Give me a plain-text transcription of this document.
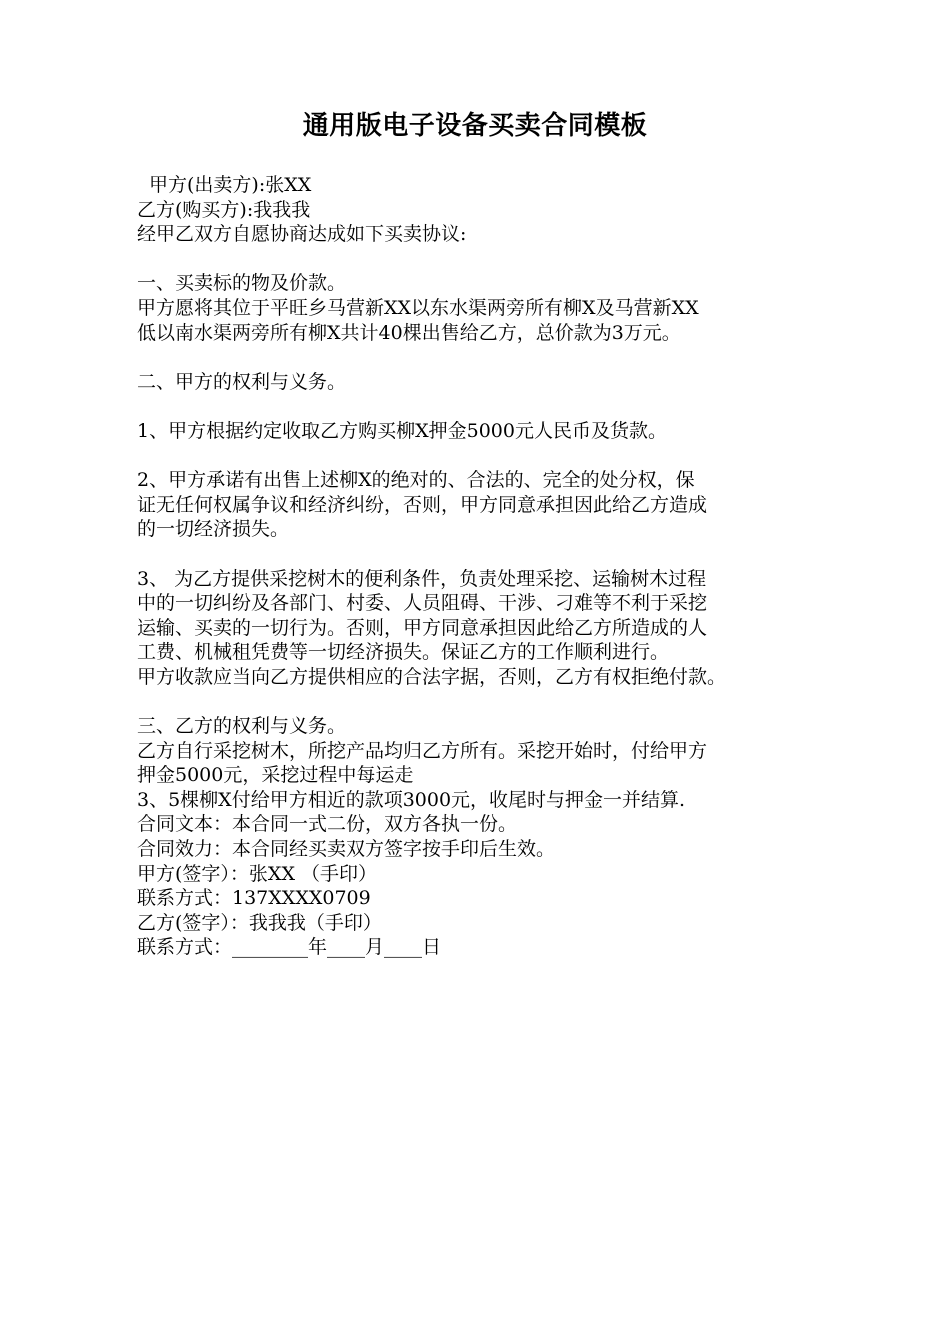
通用版电子设备买卖合同模板
甲方(出卖方):张XX
乙方(购买方):我我我
经甲乙双方自愿协商达成如下买卖协议:
一、买卖标的物及价款。
甲方愿将其位于平旺乡马营新XX以东水渠两旁所有柳X及马营新XX
低以南水渠两旁所有柳X共计40棵出售给乙方，总价款为3万元。
二、甲方的权利与义务。
1、甲方根据约定收取乙方购买柳X押金5000元人民币及货款。
2、甲方承诺有出售上述柳X的绝对的、合法的、完全的处分权，保
证无任何权属争议和经济纠纷，否则，甲方同意承担因此给乙方造成
的一切经济损失。
3、 为乙方提供采挖树木的便利条件，负责处理采挖、运输树木过程
中的一切纠纷及各部门、村委、人员阻碍、干涉、刁难等不利于采挖
运输、买卖的一切行为。否则，甲方同意承担因此给乙方所造成的人
工费、机械租凭费等一切经济损失。保证乙方的工作顺利进行。
甲方收款应当向乙方提供相应的合法字据，否则，乙方有权拒绝付款。
三、乙方的权利与义务。
乙方自行采挖树木，所挖产品均归乙方所有。采挖开始时，付给甲方
押金5000元，采挖过程中每运走
3、5棵柳X付给甲方相近的款项3000元，收尾时与押金一并结算.
合同文本：本合同一式二份，双方各执一份。
合同效力：本合同经买卖双方签字按手印后生效。
甲方(签字）：张XX （手印）
联系方式：137XXXX0709
乙方(签字）：我我我（手印）
联系方式：________年____月____日
